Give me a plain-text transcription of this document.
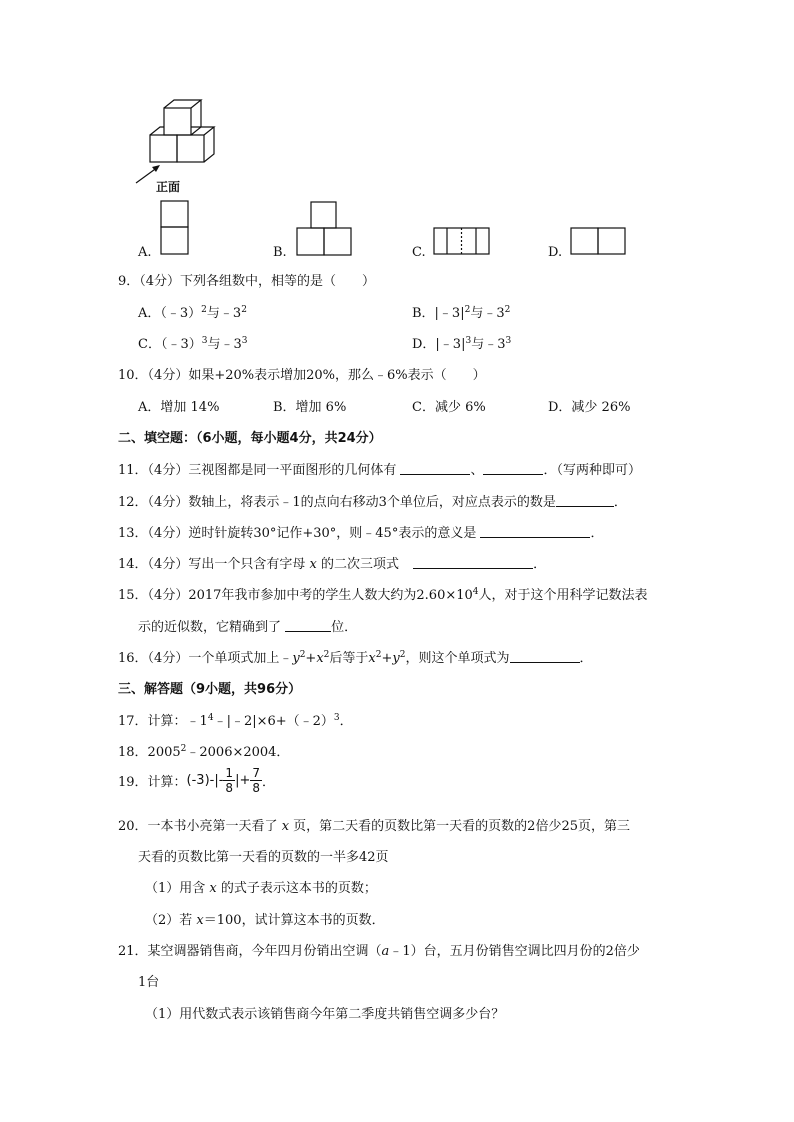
正面
A.	B.	C.	D.
9．（4分）下列各组数中，相等的是（　　）
A．（﹣3）$^2$与$﹣3^2$	B．$|﹣3|^2$与$﹣3^2$
C．（﹣3）$^3$与$﹣3^3$	D．$|﹣3|^3$与$﹣3^3$
10．（4分）如果+20%表示增加20%，那么﹣6%表示（　　）
A．增加 14%	B．增加 6%	C．减少 6%	D．减少 26%
二、填空题：（6小题，每小题4分，共24分）
11．（4分）三视图都是同一平面图形的几何体有	、	．（写两种即可）
12．（4分）数轴上，将表示﹣1的点向右移动3个单位后，对应点表示的数是	．
13．（4分）逆时针旋转30°记作+30°，则﹣45°表示的意义是	．
14．（4分）写出一个只含有字母 x 的二次三项式	．
15．（4分）2017年我市参加中考的学生人数大约为$2.60\times 10^4$人，对于这个用科学记数法表
示的近似数，它精确到了	位．
16．（4分）一个单项式加上$﹣y^2+x^2$后等于$x^2+y^2$，则这个单项式为	．
三、解答题（9小题，共96分）
17．计算：$﹣1^4﹣|﹣2|\times 6+(﹣2)^3$．
18．$2005^2﹣2006\times 2004$．
19．计算：$(-3)-|- \frac{1}{8}$ |+ $\frac{7}{8}$ ．
20．一本书小亮第一天看了 x 页，第二天看的页数比第一天看的页数的2倍少25页，第三
天看的页数比第一天看的页数的一半多42页
（1）用含 x 的式子表示这本书的页数；
（2）若 x＝100，试计算这本书的页数．
21．某空调器销售商，今年四月份销出空调（a﹣1）台，五月份销售空调比四月份的2倍少
1台
（1）用代数式表示该销售商今年第二季度共销售空调多少台？
